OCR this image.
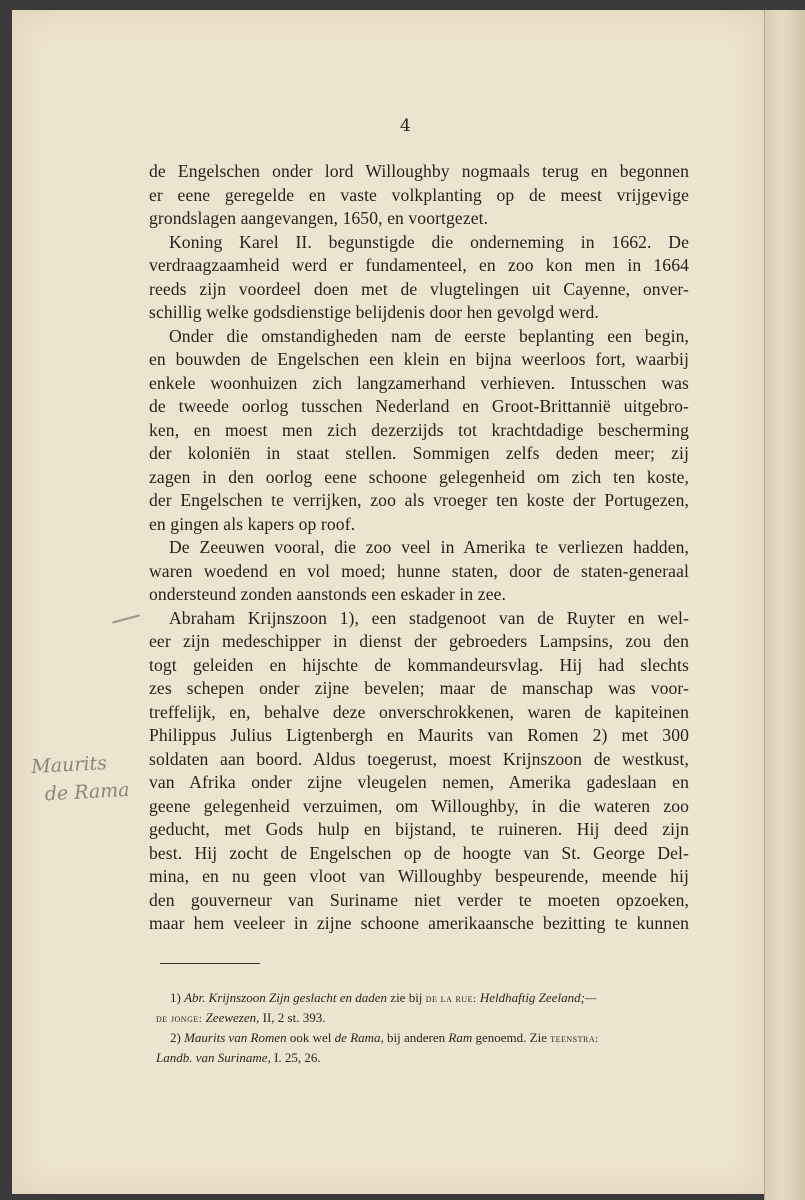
4
de Engelschen onder lord Willoughby nogmaals terug en begonnen
er eene geregelde en vaste volkplanting op de meest vrijgevige
grondslagen aangevangen, 1650, en voortgezet.
Koning Karel II. begunstigde die onderneming in 1662. De
verdraagzaamheid werd er fundamenteel, en zoo kon men in 1664
reeds zijn voordeel doen met de vlugtelingen uit Cayenne, onver-
schillig welke godsdienstige belijdenis door hen gevolgd werd.
Onder die omstandigheden nam de eerste beplanting een begin,
en bouwden de Engelschen een klein en bijna weerloos fort, waarbij
enkele woonhuizen zich langzamerhand verhieven. Intusschen was
de tweede oorlog tusschen Nederland en Groot-Brittannië uitgebro-
ken, en moest men zich dezerzijds tot krachtdadige bescherming
der koloniën in staat stellen. Sommigen zelfs deden meer; zij
zagen in den oorlog eene schoone gelegenheid om zich ten koste,
der Engelschen te verrijken, zoo als vroeger ten koste der Portugezen,
en gingen als kapers op roof.
De Zeeuwen vooral, die zoo veel in Amerika te verliezen hadden,
waren woedend en vol moed; hunne staten, door de staten-generaal
ondersteund zonden aanstonds een eskader in zee.
Abraham Krijnszoon 1), een stadgenoot van de Ruyter en wel-
eer zijn medeschipper in dienst der gebroeders Lampsins, zou den
togt geleiden en hijschte de kommandeursvlag. Hij had slechts
zes schepen onder zijne bevelen; maar de manschap was voor-
treffelijk, en, behalve deze onverschrokkenen, waren de kapiteinen
Philippus Julius Ligtenbergh en Maurits van Romen 2) met 300
soldaten aan boord. Aldus toegerust, moest Krijnszoon de westkust,
van Afrika onder zijne vleugelen nemen, Amerika gadeslaan en
geene gelegenheid verzuimen, om Willoughby, in die wateren zoo
geducht, met Gods hulp en bijstand, te ruineren. Hij deed zijn
best. Hij zocht de Engelschen op de hoogte van St. George Del-
mina, en nu geen vloot van Willoughby bespeurende, meende hij
den gouverneur van Suriname niet verder te moeten opzoeken,
maar hem veeleer in zijne schoone amerikaansche bezitting te kunnen
1) Abr. Krijnszoon Zijn geslacht en daden zie bij de la rue: Heldhaftig Zeeland;—
de jonge: Zeewezen, II, 2 st. 393.
2) Maurits van Romen ook wel de Rama, bij anderen Ram genoemd. Zie teenstra:
Landb. van Suriname, I. 25, 26.
Maurits
de Rama
